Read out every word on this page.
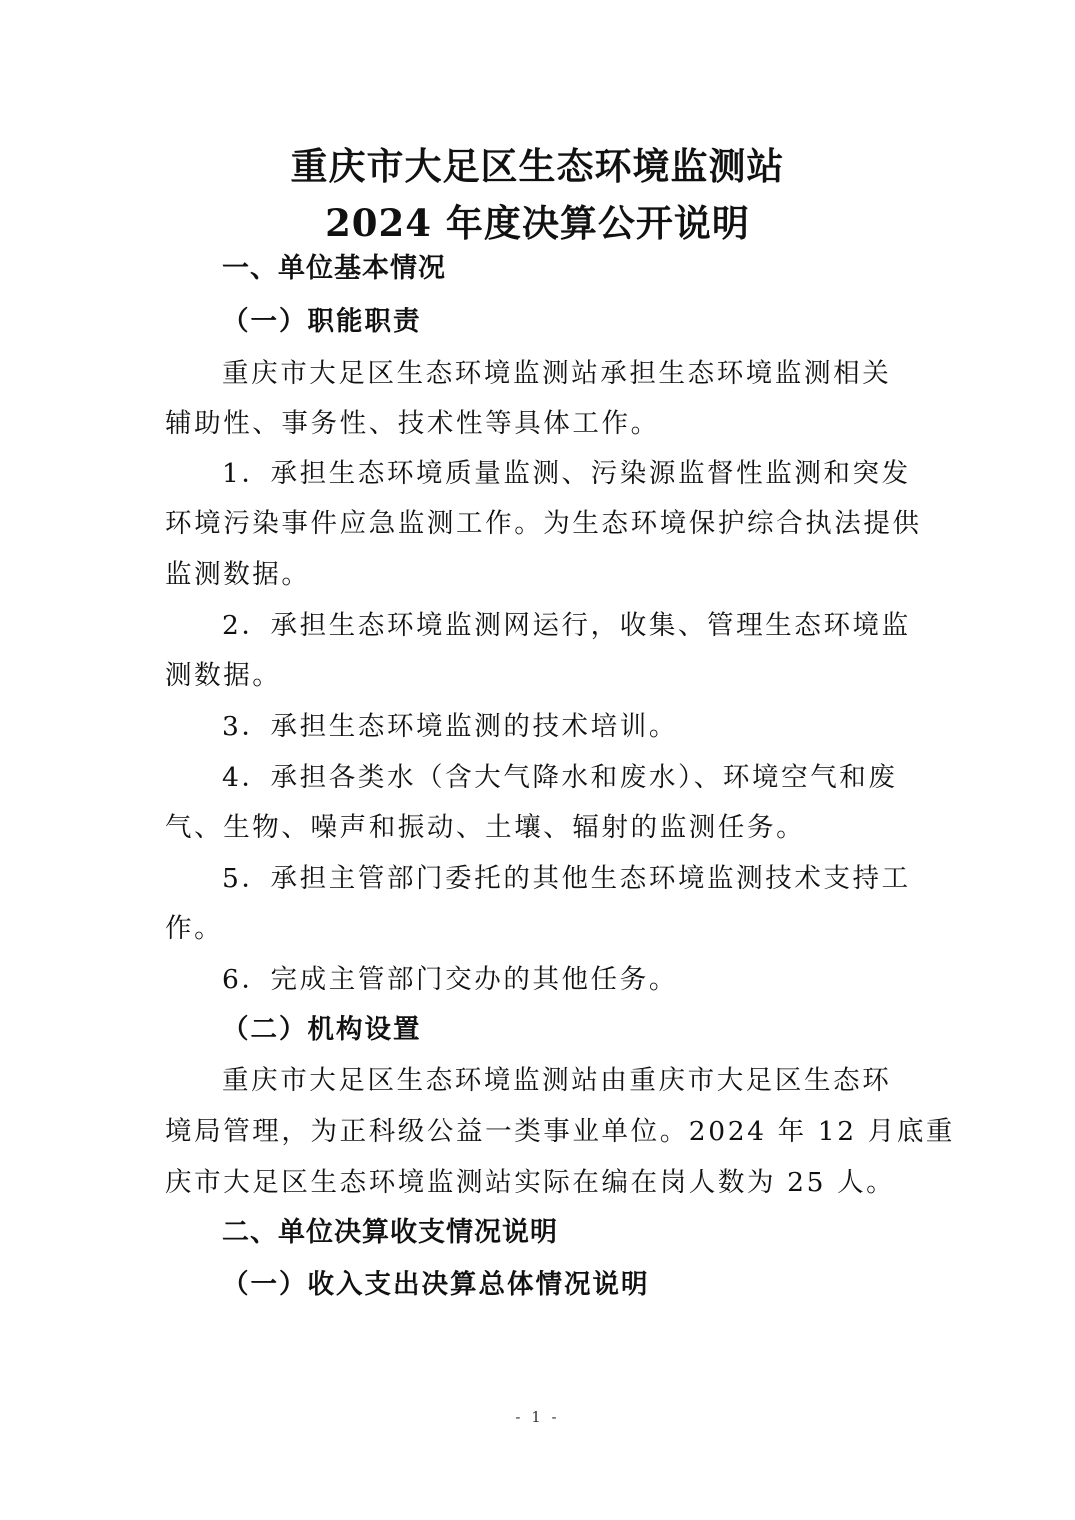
重庆市大足区生态环境监测站
2024 年度决算公开说明
一、单位基本情况
（一）职能职责
重庆市大足区生态环境监测站承担生态环境监测相关
辅助性、事务性、技术性等具体工作。
1．承担生态环境质量监测、污染源监督性监测和突发
环境污染事件应急监测工作。为生态环境保护综合执法提供
监测数据。
2．承担生态环境监测网运行，收集、管理生态环境监
测数据。
3．承担生态环境监测的技术培训。
4．承担各类水（含大气降水和废水）、环境空气和废
气、生物、噪声和振动、土壤、辐射的监测任务。
5．承担主管部门委托的其他生态环境监测技术支持工
作。
6．完成主管部门交办的其他任务。
（二）机构设置
重庆市大足区生态环境监测站由重庆市大足区生态环
境局管理，为正科级公益一类事业单位。2024 年 12 月底重
庆市大足区生态环境监测站实际在编在岗人数为 25 人。
二、单位决算收支情况说明
（一）收入支出决算总体情况说明
- 1 -
